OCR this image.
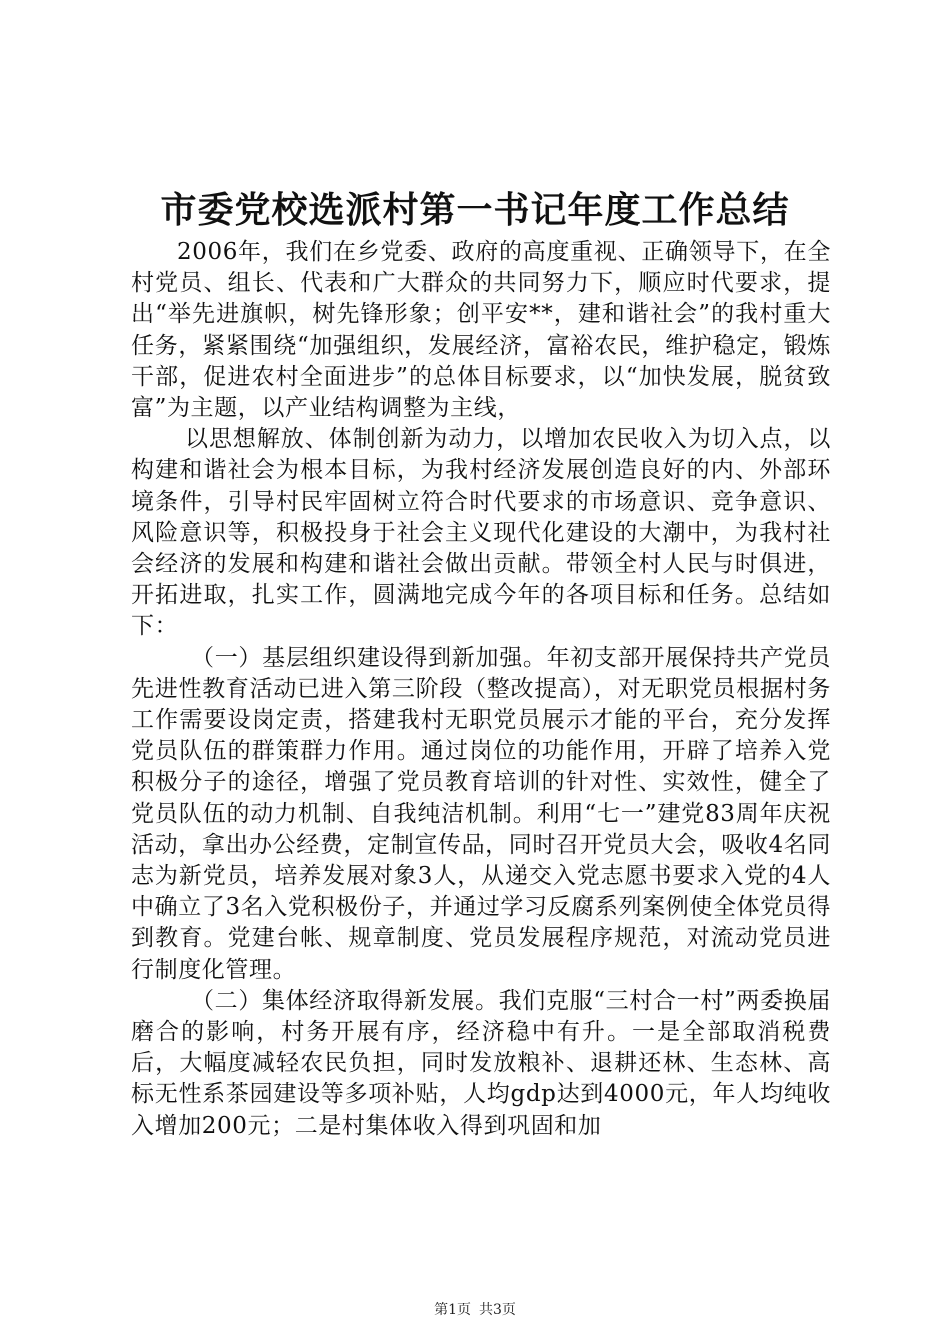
市委党校选派村第一书记年度工作总结

2006年，我们在乡党委、政府的高度重视、正确领导下，在全村党员、组长、代表和广大群众的共同努力下，顺应时代要求，提出“举先进旗帜，树先锋形象；创平安**，建和谐社会”的我村重大任务，紧紧围绕“加强组织，发展经济，富裕农民，维护稳定，锻炼干部，促进农村全面进步”的总体目标要求，以“加快发展，脱贫致富”为主题，以产业结构调整为主线，

以思想解放、体制创新为动力，以增加农民收入为切入点，以构建和谐社会为根本目标，为我村经济发展创造良好的内、外部环境条件，引导村民牢固树立符合时代要求的市场意识、竞争意识、风险意识等，积极投身于社会主义现代化建设的大潮中，为我村社会经济的发展和构建和谐社会做出贡献。带领全村人民与时俱进，开拓进取，扎实工作，圆满地完成今年的各项目标和任务。总结如下：

（一）基层组织建设得到新加强。年初支部开展保持共产党员先进性教育活动已进入第三阶段（整改提高），对无职党员根据村务工作需要设岗定责，搭建我村无职党员展示才能的平台，充分发挥党员队伍的群策群力作用。通过岗位的功能作用，开辟了培养入党积极分子的途径，增强了党员教育培训的针对性、实效性，健全了党员队伍的动力机制、自我纯洁机制。利用“七一”建党83周年庆祝活动，拿出办公经费，定制宣传品，同时召开党员大会，吸收4名同志为新党员，培养发展对象3人，从递交入党志愿书要求入党的4人中确立了3名入党积极份子，并通过学习反腐系列案例使全体党员得到教育。党建台帐、规章制度、党员发展程序规范，对流动党员进行制度化管理。

（二）集体经济取得新发展。我们克服“三村合一村”两委换届磨合的影响，村务开展有序，经济稳中有升。一是全部取消税费后，大幅度减轻农民负担，同时发放粮补、退耕还林、生态林、高标无性系茶园建设等多项补贴，人均gdp达到4000元，年人均纯收入增加200元；二是村集体收入得到巩固和加

第1页 共3页
